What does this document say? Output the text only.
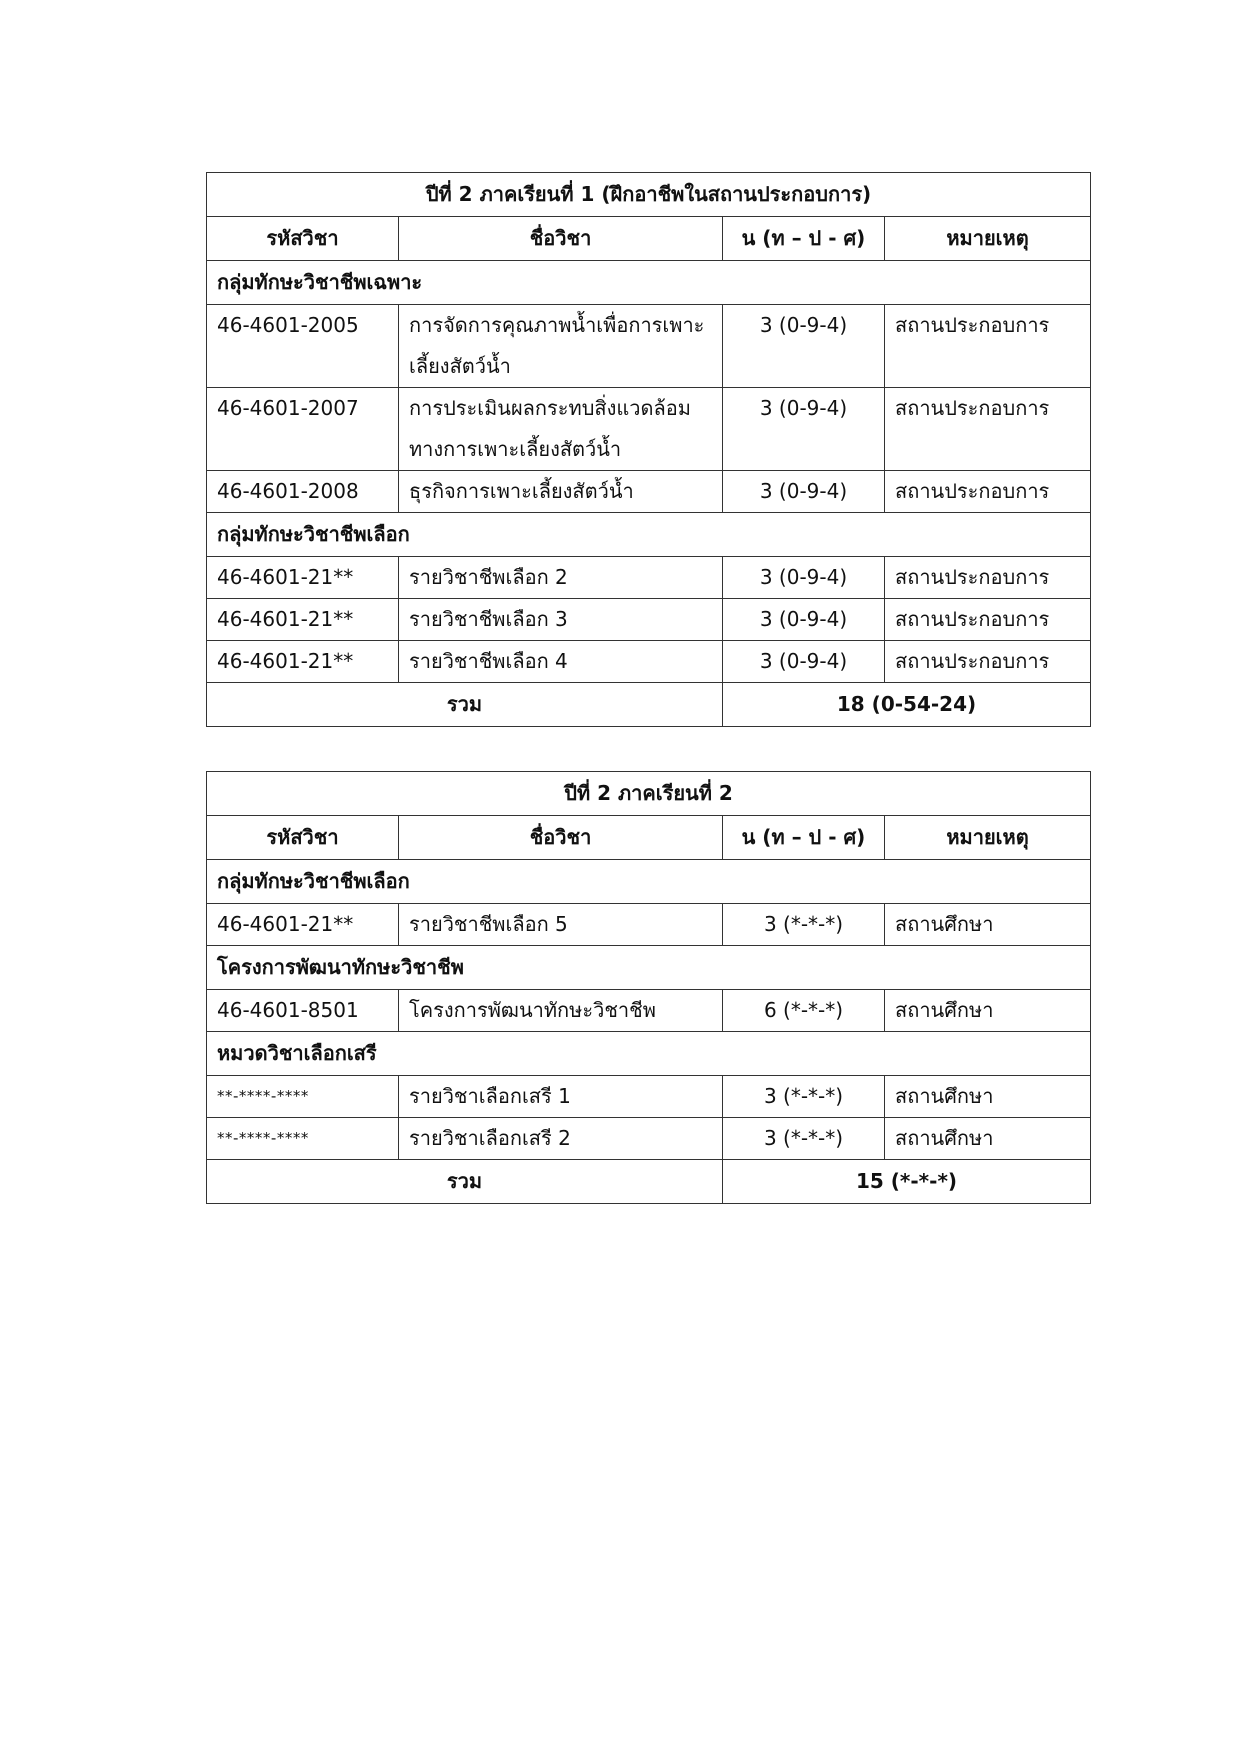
ปีที่ 2 ภาคเรียนที่ 1 (ฝึกอาชีพในสถานประกอบการ)			
รหัสวิชา	ชื่อวิชา	น (ท – ป - ศ)	หมายเหตุ
กลุ่มทักษะวิชาชีพเฉพาะ			
46-4601-2005	การจัดการคุณภาพน้ำเพื่อการเพาะเลี้ยงสัตว์น้ำ	3 (0-9-4)	สถานประกอบการ
46-4601-2007	การประเมินผลกระทบสิ่งแวดล้อมทางการเพาะเลี้ยงสัตว์น้ำ	3 (0-9-4)	สถานประกอบการ
46-4601-2008	ธุรกิจการเพาะเลี้ยงสัตว์น้ำ	3 (0-9-4)	สถานประกอบการ
กลุ่มทักษะวิชาชีพเลือก			
46-4601-21**	รายวิชาชีพเลือก 2	3 (0-9-4)	สถานประกอบการ
46-4601-21**	รายวิชาชีพเลือก 3	3 (0-9-4)	สถานประกอบการ
46-4601-21**	รายวิชาชีพเลือก 4	3 (0-9-4)	สถานประกอบการ
รวม		18 (0-54-24)	
ปีที่ 2 ภาคเรียนที่ 2			
รหัสวิชา	ชื่อวิชา	น (ท – ป - ศ)	หมายเหตุ
กลุ่มทักษะวิชาชีพเลือก			
46-4601-21**	รายวิชาชีพเลือก 5	3 (*-*-*)	สถานศึกษา
โครงการพัฒนาทักษะวิชาชีพ			
46-4601-8501	โครงการพัฒนาทักษะวิชาชีพ	6 (*-*-*)	สถานศึกษา
หมวดวิชาเลือกเสรี			
**-****-****	รายวิชาเลือกเสรี 1	3 (*-*-*)	สถานศึกษา
**-****-****	รายวิชาเลือกเสรี 2	3 (*-*-*)	สถานศึกษา
รวม		15 (*-*-*)	
